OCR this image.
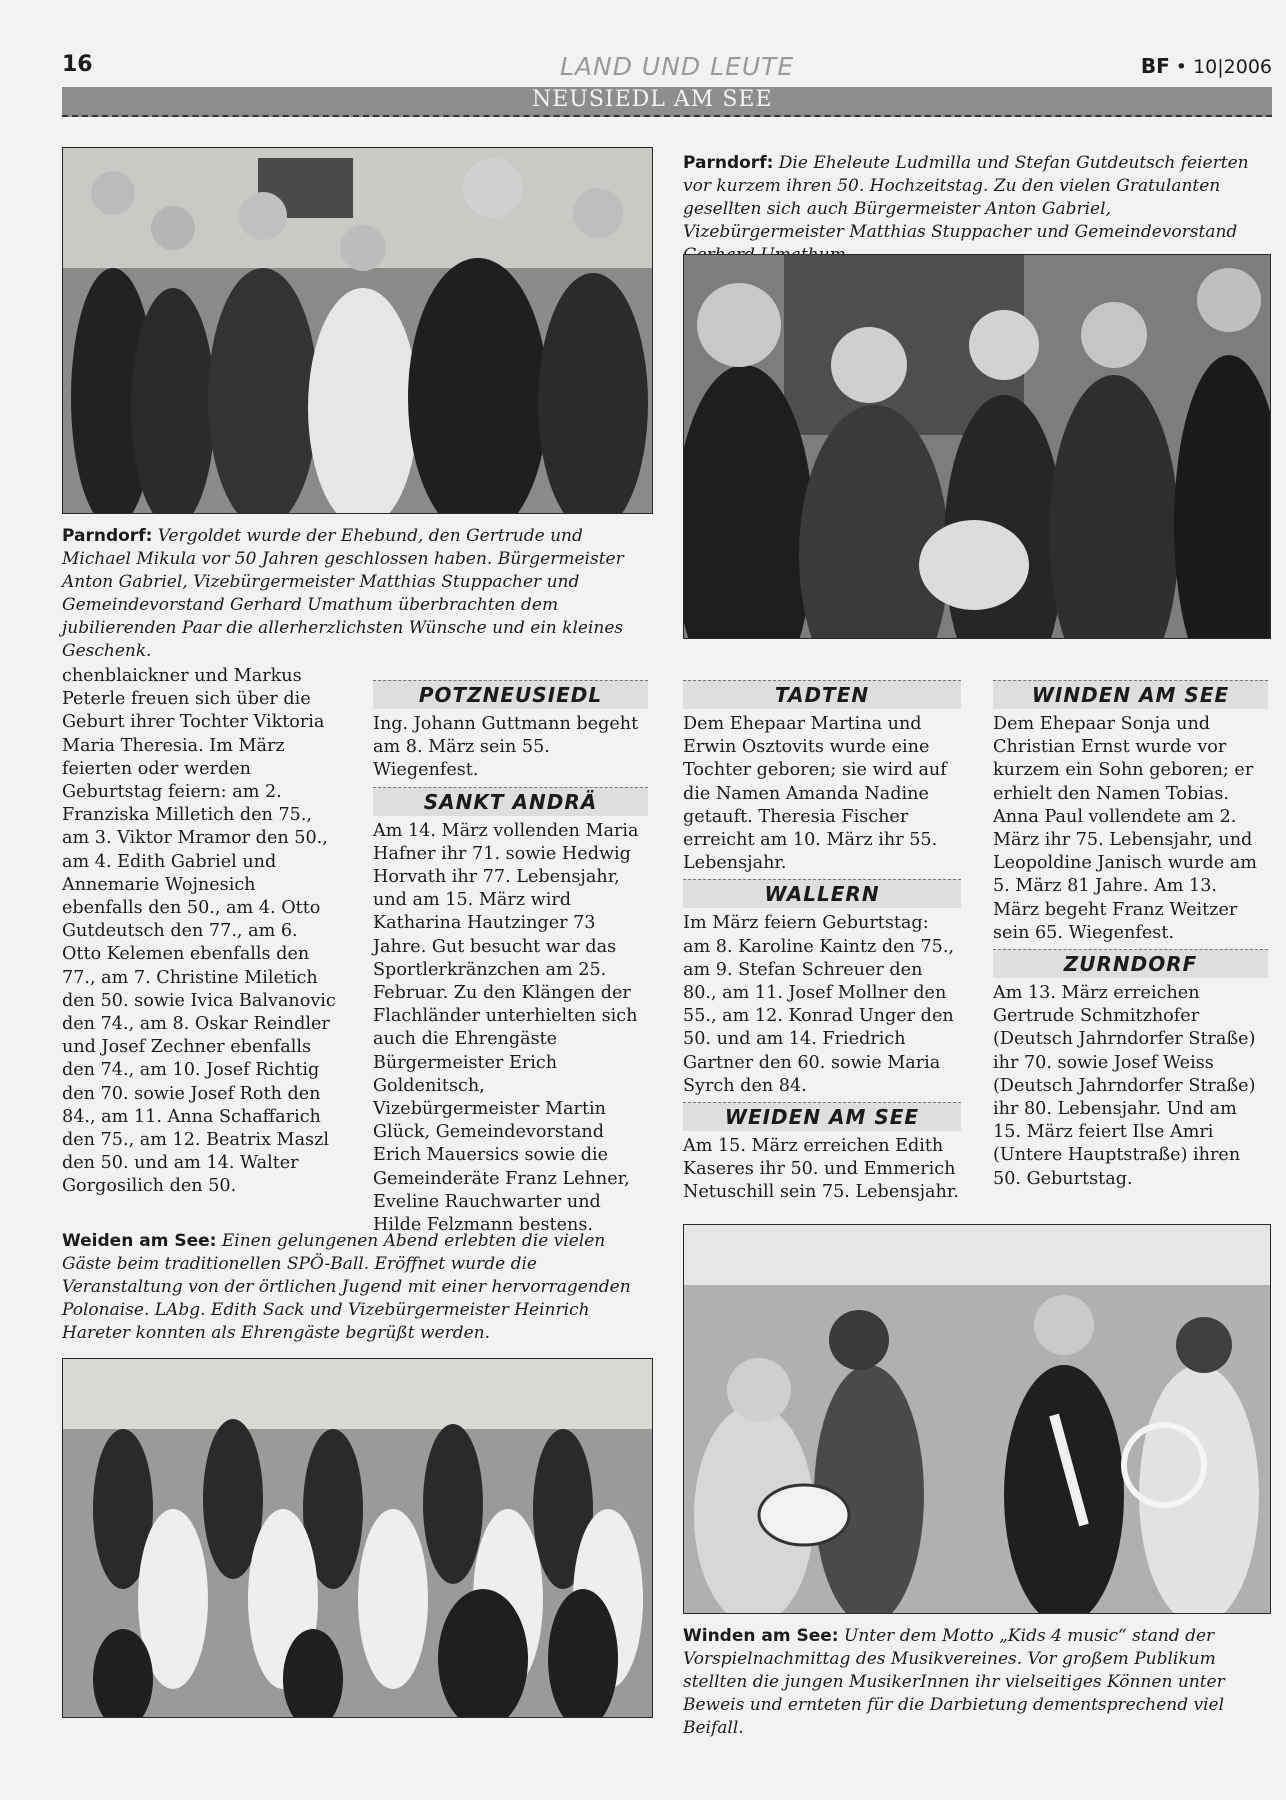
16	LAND UND LEUTE	BF • 10|2006
NEUSIEDL AM SEE
Parndorf: Vergoldet wurde der Ehebund, den Gertrude und Michael Mikula vor 50 Jahren geschlossen haben. Bürgermeister Anton Gabriel, Vizebürgermeister Matthias Stuppacher und Gemeindevorstand Gerhard Umathum überbrachten dem jubilierenden Paar die allerherzlichsten Wünsche und ein kleines Geschenk.
Parndorf: Die Eheleute Ludmilla und Stefan Gutdeutsch feierten vor kurzem ihren 50. Hochzeitstag. Zu den vielen Gratulanten gesellten sich auch Bürgermeister Anton Gabriel, Vizebürgermeister Matthias Stuppacher und Gemeindevorstand

chenblaickner und Markus Peterle freuen sich über die Geburt ihrer Tochter Viktoria Maria Theresia. Im März feierten oder werden Geburtstag feiern: am 2. Franziska Milletich den 75., am 3. Viktor Mramor den 50., am 4. Edith Gabriel und Annemarie Wojnesich ebenfalls den 50., am 4. Otto Gutdeutsch den 77., am 6. Otto Kelemen ebenfalls den 77., am 7. Christine Miletich den 50. sowie Ivica Balvanovic den 74., am 8. Oskar Reindler und Josef Zechner ebenfalls den 74., am 10. Josef Richtig den 70. sowie Josef Roth den 84., am 11. Anna Schaffarich den 75., am 12. Beatrix Maszl den 50. und am 14. Walter Gorgosilich den 50.

POTZNEUSIEDL

Ing. Johann Guttmann begeht am 8. März sein 55. Wiegenfest.

SANKT ANDRÄ

Am 14. März vollenden Maria Hafner ihr 71. sowie Hedwig Horvath ihr 77. Lebensjahr, und am 15. März wird Katharina Hautzinger 73 Jahre. Gut besucht war das Sportlerkränzchen am 25. Februar. Zu den Klängen der Flachländer unterhielten sich auch die Ehrengäste Bürgermeister Erich Goldenitsch, Vizebürgermeister Martin Glück, Gemeindevorstand Erich Mauersics sowie die Gemeinderäte Franz Lehner, Eveline Rauchwarter und Hilde Felzmann bestens.

TADTEN

Dem Ehepaar Martina und Erwin Osztovits wurde eine Tochter geboren; sie wird auf die Namen Amanda Nadine getauft. Theresia Fischer erreicht am 10. März ihr 55. Lebensjahr.

WALLERN

Im März feiern Geburtstag: am 8. Karoline Kaintz den 75., am 9. Stefan Schreuer den 80., am 11. Josef Mollner den 55., am 12. Konrad Unger den 50. und am 14. Friedrich Gartner den 60. sowie Maria Syrch den 84.

WEIDEN AM SEE

Am 15. März erreichen Edith Kaseres ihr 50. und Emmerich Netuschill sein 75. Lebensjahr.

WINDEN AM SEE

Dem Ehepaar Sonja und Christian Ernst wurde vor kurzem ein Sohn geboren; er erhielt den Namen Tobias. Anna Paul vollendete am 2. März ihr 75. Lebensjahr, und Leopoldine Janisch wurde am 5. März 81 Jahre. Am 13. März begeht Franz Weitzer sein 65. Wiegenfest.

ZURNDORF

Am 13. März erreichen Gertrude Schmitzhofer (Deutsch Jahrndorfer Straße) ihr 70. sowie Josef Weiss (Deutsch Jahrndorfer Straße) ihr 80. Lebensjahr. Und am 15. März feiert Ilse Amri (Untere Hauptstraße) ihren 50. Geburtstag.

Weiden am See: Einen gelungenen Abend erlebten die vielen Gäste beim traditionellen SPÖ-Ball. Eröffnet wurde die Veranstaltung von der örtlichen Jugend mit einer hervorragenden Polonaise. LAbg. Edith Sack und Vizebürgermeister Heinrich Hareter konnten als Ehrengäste begrüßt werden.
Winden am See: Unter dem Motto „Kids 4 music“ stand der Vorspielnachmittag des Musikvereines. Vor großem Publikum stellten die jungen MusikerInnen ihr vielseitiges Können unter Beweis und ernteten für die Darbietung dementsprechend viel Beifall.
